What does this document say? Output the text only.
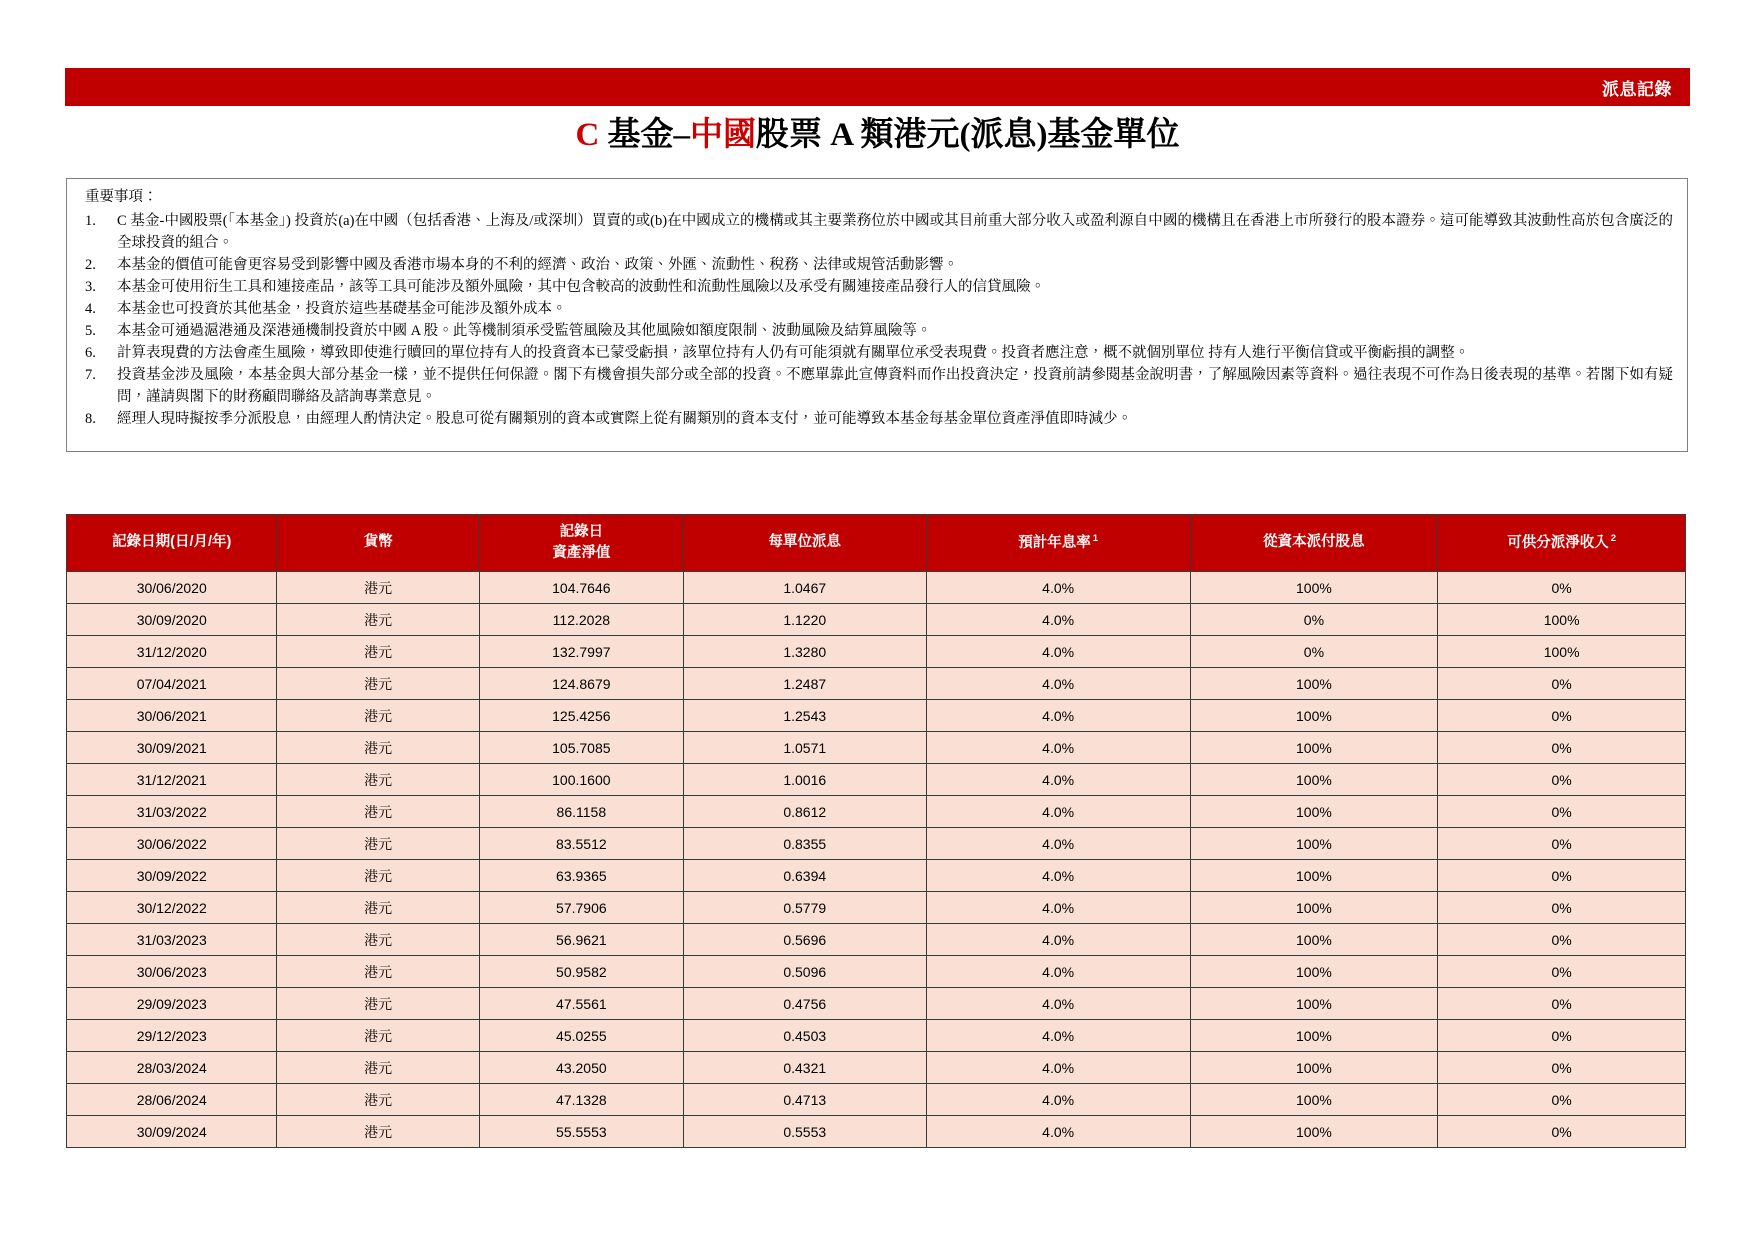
派息記錄
C 基金–中國股票 A 類港元(派息)基金單位
重要事項：
1.	C 基金-中國股票(「本基金」) 投資於(a)在中國（包括香港、上海及/或深圳）買賣的或(b)在中國成立的機構或其主要業務位於中國或其目前重大部分收入或盈利源自中國的機構且在香港上市所發行的股本證券。這可能導致其波動性高於包含廣泛的全球投資的組合。
2.	本基金的價值可能會更容易受到影響中國及香港市場本身的不利的經濟、政治、政策、外匯、流動性、稅務、法律或規管活動影響。
3.	本基金可使用衍生工具和連接產品，該等工具可能涉及額外風險，其中包含較高的波動性和流動性風險以及承受有關連接產品發行人的信貸風險。
4.	本基金也可投資於其他基金，投資於這些基礎基金可能涉及額外成本。
5.	本基金可通過滬港通及深港通機制投資於中國 A 股。此等機制須承受監管風險及其他風險如額度限制、波動風險及結算風險等。
6.	計算表現費的方法會產生風險，導致即使進行贖回的單位持有人的投資資本已蒙受虧損，該單位持有人仍有可能須就有關單位承受表現費。投資者應注意，概不就個別單位 持有人進行平衡信貸或平衡虧損的調整。
7.	投資基金涉及風險，本基金與大部分基金一樣，並不提供任何保證。閣下有機會損失部分或全部的投資。不應單靠此宣傳資料而作出投資決定，投資前請參閱基金說明書，了解風險因素等資料。過往表現不可作為日後表現的基準。若閣下如有疑問，謹請與閣下的財務顧問聯絡及諮詢專業意見。
8.	經理人現時擬按季分派股息，由經理人酌情決定。股息可從有關類別的資本或實際上從有關類別的資本支付，並可能導致本基金每基金單位資產淨值即時減少。
記錄日期(日/月/年)	貨幣	記錄日
資產淨值	每單位派息	預計年息率 $^1$	從資本派付股息	可供分派淨收入 $^2$
30/06/2020	港元	104.7646	1.0467	4.0%	100%	0%
30/09/2020	港元	112.2028	1.1220	4.0%	0%	100%
31/12/2020	港元	132.7997	1.3280	4.0%	0%	100%
07/04/2021	港元	124.8679	1.2487	4.0%	100%	0%
30/06/2021	港元	125.4256	1.2543	4.0%	100%	0%
30/09/2021	港元	105.7085	1.0571	4.0%	100%	0%
31/12/2021	港元	100.1600	1.0016	4.0%	100%	0%
31/03/2022	港元	86.1158	0.8612	4.0%	100%	0%
30/06/2022	港元	83.5512	0.8355	4.0%	100%	0%
30/09/2022	港元	63.9365	0.6394	4.0%	100%	0%
30/12/2022	港元	57.7906	0.5779	4.0%	100%	0%
31/03/2023	港元	56.9621	0.5696	4.0%	100%	0%
30/06/2023	港元	50.9582	0.5096	4.0%	100%	0%
29/09/2023	港元	47.5561	0.4756	4.0%	100%	0%
29/12/2023	港元	45.0255	0.4503	4.0%	100%	0%
28/03/2024	港元	43.2050	0.4321	4.0%	100%	0%
28/06/2024	港元	47.1328	0.4713	4.0%	100%	0%
30/09/2024	港元	55.5553	0.5553	4.0%	100%	0%
